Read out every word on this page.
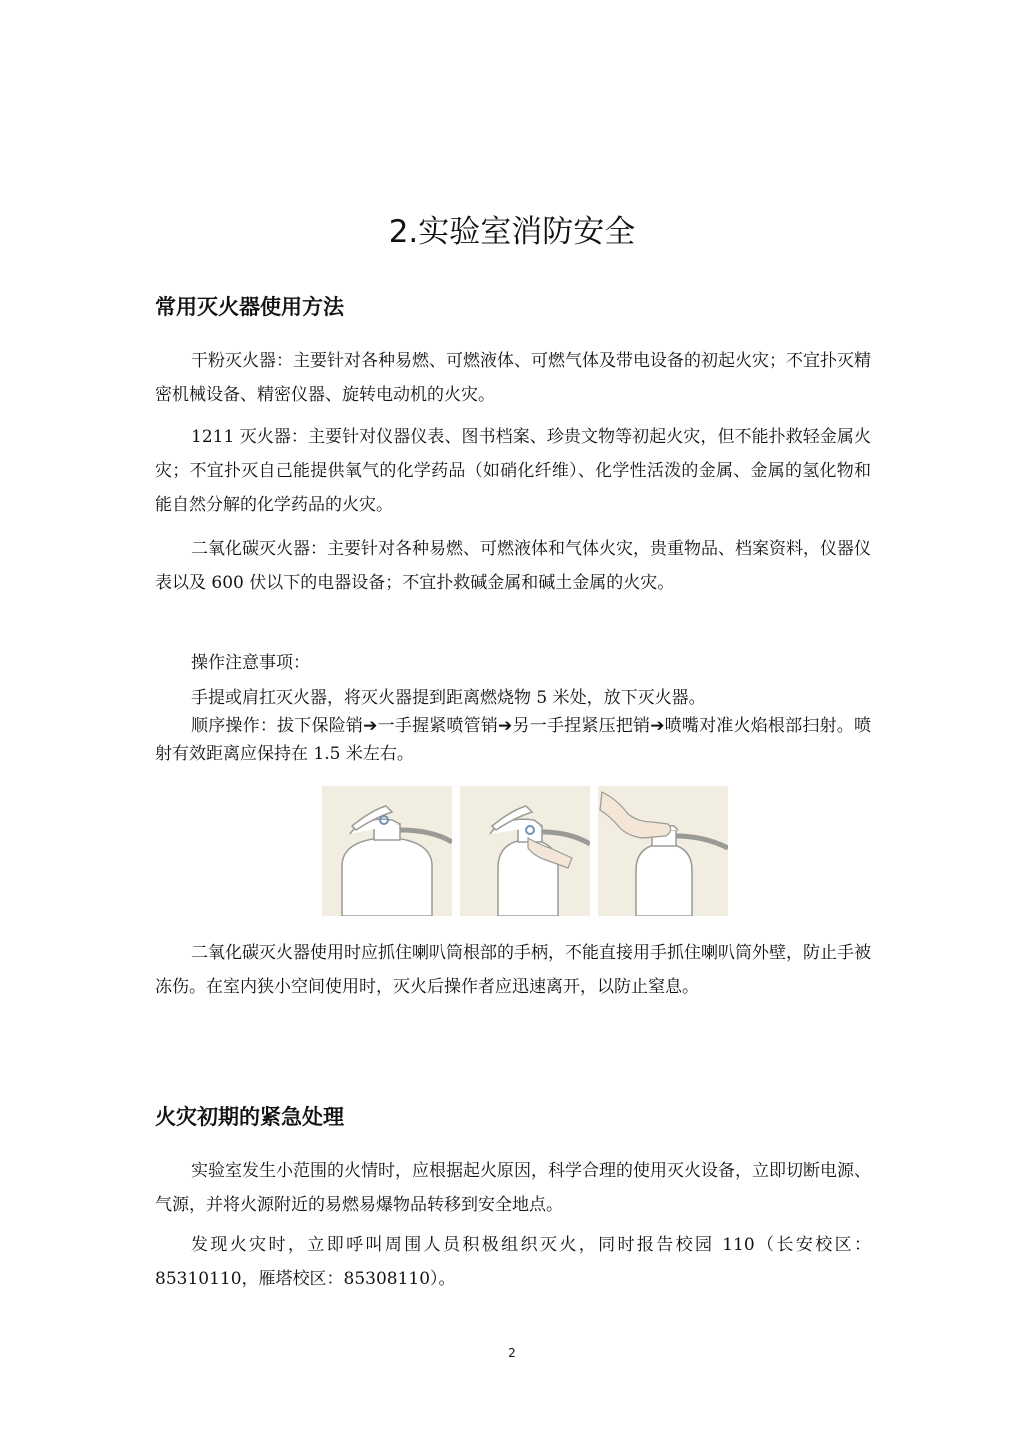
2.实验室消防安全
常用灭火器使用方法

干粉灭火器：主要针对各种易燃、可燃液体、可燃气体及带电设备的初起火灾；不宜扑灭精密机械设备、精密仪器、旋转电动机的火灾。

1211 灭火器：主要针对仪器仪表、图书档案、珍贵文物等初起火灾，但不能扑救轻金属火灾；不宜扑灭自己能提供氧气的化学药品（如硝化纤维）、化学性活泼的金属、金属的氢化物和能自然分解的化学药品的火灾。

二氧化碳灭火器：主要针对各种易燃、可燃液体和气体火灾，贵重物品、档案资料，仪器仪表以及 600 伏以下的电器设备；不宜扑救碱金属和碱土金属的火灾。

操作注意事项：

手提或肩扛灭火器，将灭火器提到距离燃烧物 5 米处，放下灭火器。

顺序操作：拔下保险销➔一手握紧喷管销➔另一手捏紧压把销➔喷嘴对准火焰根部扫射。喷射有效距离应保持在 1.5 米左右。

二氧化碳灭火器使用时应抓住喇叭筒根部的手柄，不能直接用手抓住喇叭筒外壁，防止手被冻伤。在室内狭小空间使用时，灭火后操作者应迅速离开，以防止窒息。

火灾初期的紧急处理

实验室发生小范围的火情时，应根据起火原因，科学合理的使用灭火设备，立即切断电源、气源，并将火源附近的易燃易爆物品转移到安全地点。

发现火灾时，立即呼叫周围人员积极组织灭火，同时报告校园 110（长安校区：85310110，雁塔校区：85308110）。

2
